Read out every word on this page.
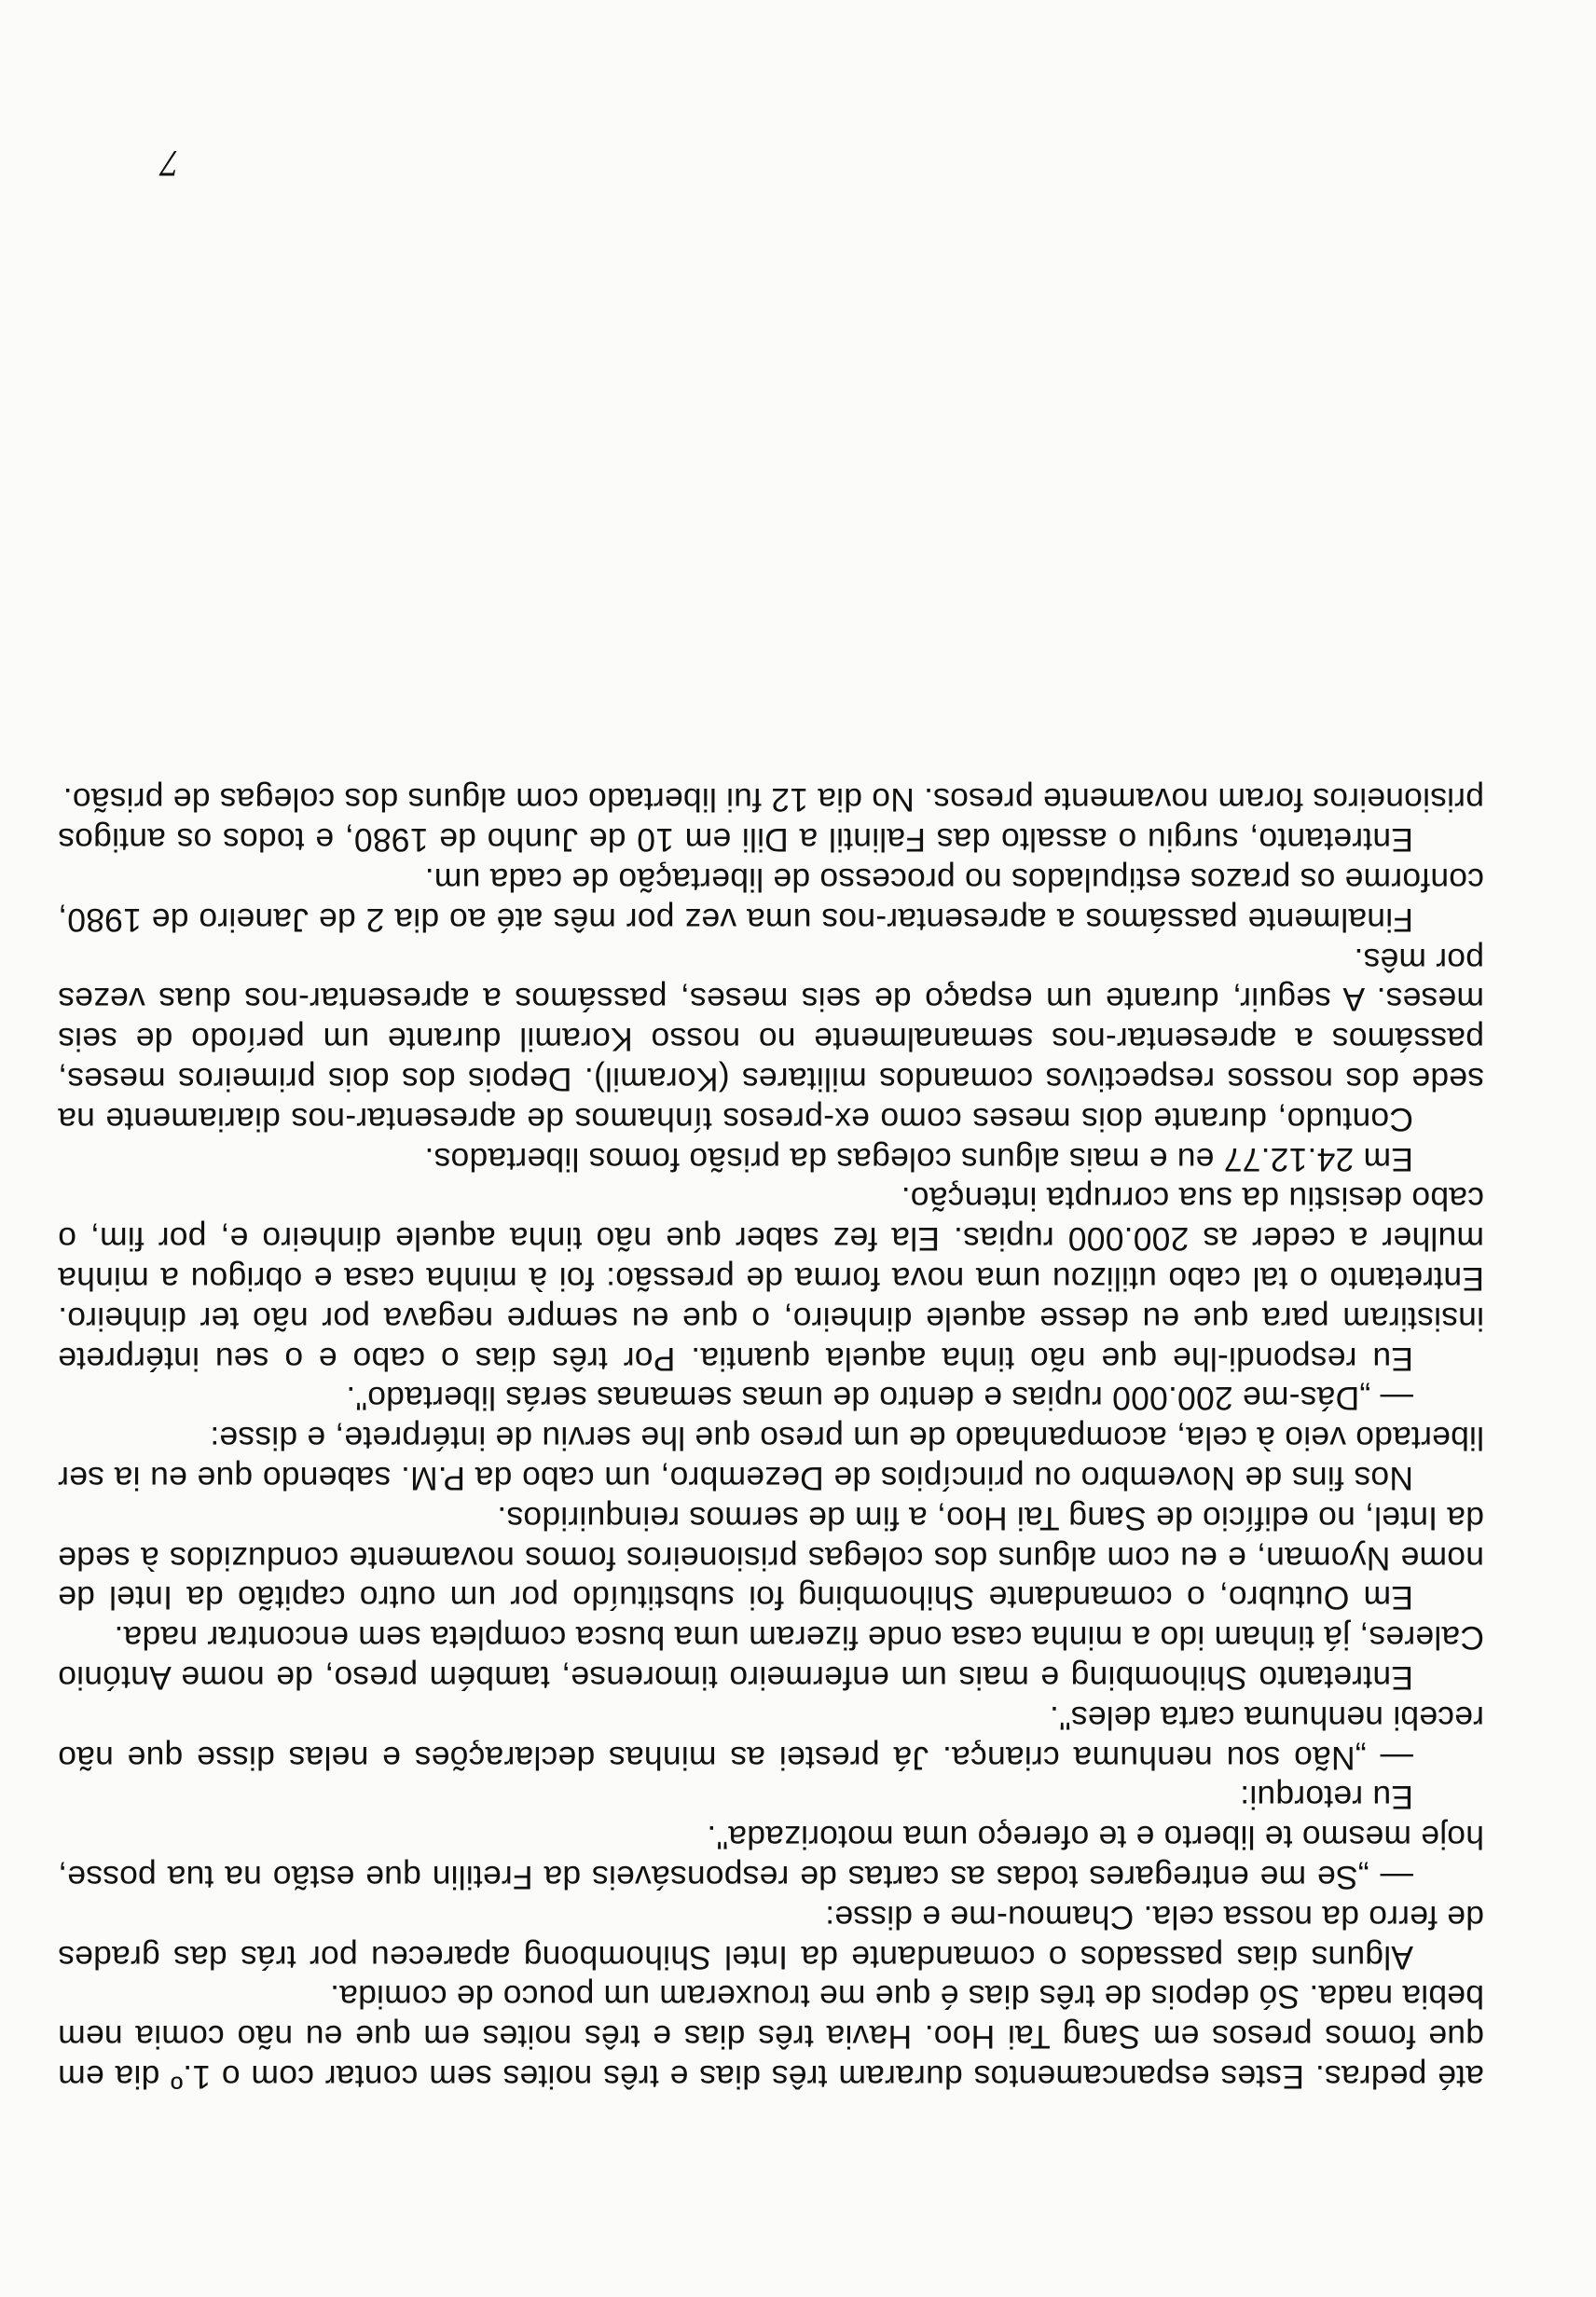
até pedras. Estes espancamentos duraram três dias e três noites sem contar com o 1.º dia em que fomos presos em Sang Tai Hoo. Havia três dias e três noites em que eu não comia nem bebia nada. Só depois de três dias é que me trouxeram um pouco de comida.

Alguns dias passados o comandante da Intel Shihombong apareceu por trás das grades de ferro da nossa cela. Chamou-me e disse:

— „Se me entregares todas as cartas de responsáveis da Fretilin que estão na tua posse, hoje mesmo te liberto e te ofereço uma motorizada".

Eu retorqui:

— „Não sou nenhuma criança. Já prestei as minhas declarações e nelas disse que não recebi nenhuma carta deles".

Entretanto Shihombing e mais um enfermeiro timorense, também preso, de nome António Caleres, já tinham ido a minha casa onde fizeram uma busca completa sem encontrar nada.

Em Outubro, o comandante Shihombing foi substituído por um outro capitão da Intel de nome Nyoman, e eu com alguns dos colegas prisioneiros fomos novamente conduzidos à sede da Intel, no edifício de Sang Tai Hoo, a fim de sermos reinquiridos.

Nos fins de Novembro ou princípios de Dezembro, um cabo da P.M. sabendo que eu ia ser libertado veio à cela, acompanhado de um preso que lhe serviu de intérprete, e disse:

— „Dás-me 200.000 rupias e dentro de umas semanas serás libertado".

Eu respondi-lhe que não tinha aquela quantia. Por três dias o cabo e o seu intérprete insistiram para que eu desse aquele dinheiro, o que eu sempre negava por não ter dinheiro. Entretanto o tal cabo utilizou uma nova forma de pressão: foi à minha casa e obrigou a minha mulher a ceder as 200.000 rupias. Ela fez saber que não tinha aquele dinheiro e, por fim, o cabo desistiu da sua corrupta intenção.

Em 24.12.77 eu e mais alguns colegas da prisão fomos libertados.

Contudo, durante dois meses como ex-presos tínhamos de apresentar-nos diariamente na sede dos nossos respectivos comandos militares (Koramil). Depois dos dois primeiros meses, passámos a apresentar-nos semanalmente no nosso Koramil durante um período de seis meses. A seguir, durante um espaço de seis meses, passámos a apresentar-nos duas vezes por mês.

Finalmente passámos a apresentar-nos uma vez por mês até ao dia 2 de Janeiro de 1980, conforme os prazos estipulados no processo de libertação de cada um.

Entretanto, surgiu o assalto das Falintil a Dili em 10 de Junho de 1980, e todos os antigos prisioneiros foram novamente presos. No dia 12 fui libertado com alguns dos colegas de prisão.

7
